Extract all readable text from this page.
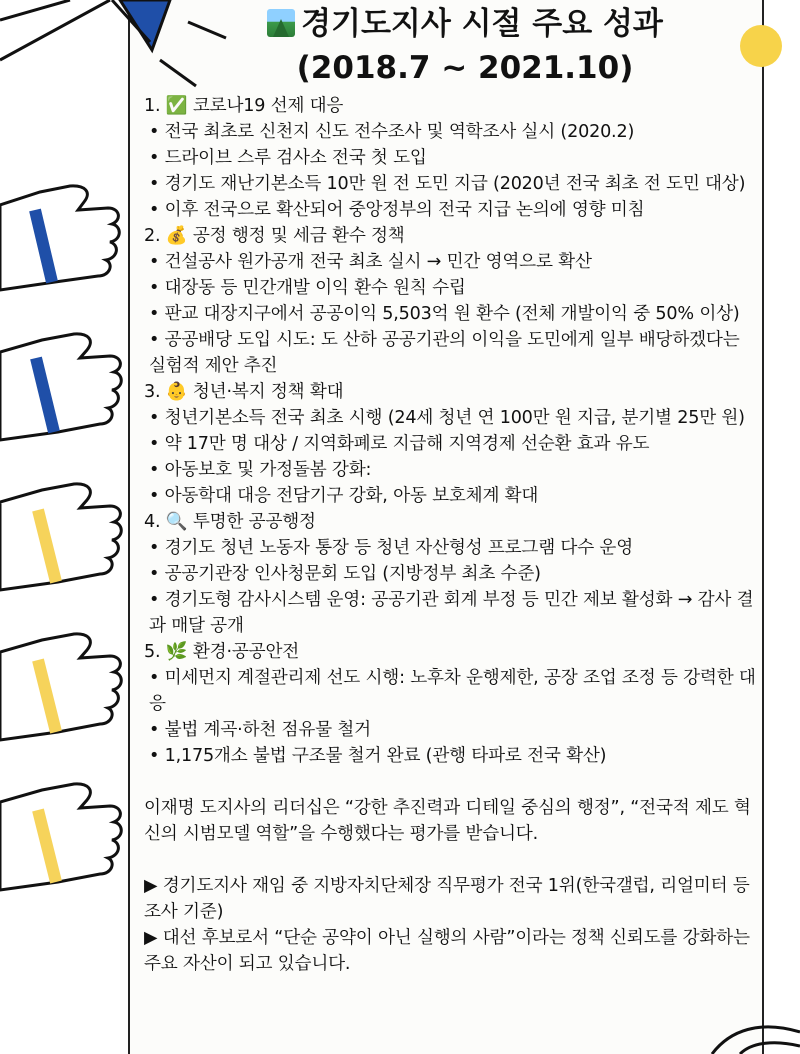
경기도지사 시절 주요 성과
(2018.7 ~ 2021.10)
1. ✅ 코로나19 선제 대응
• 전국 최초로 신천지 신도 전수조사 및 역학조사 실시 (2020.2)
• 드라이브 스루 검사소 전국 첫 도입
• 경기도 재난기본소득 10만 원 전 도민 지급 (2020년 전국 최초 전 도민 대상)
• 이후 전국으로 확산되어 중앙정부의 전국 지급 논의에 영향 미침
2. 💰 공정 행정 및 세금 환수 정책
• 건설공사 원가공개 전국 최초 실시 → 민간 영역으로 확산
• 대장동 등 민간개발 이익 환수 원칙 수립
• 판교 대장지구에서 공공이익 5,503억 원 환수 (전체 개발이익 중 50% 이상)
• 공공배당 도입 시도: 도 산하 공공기관의 이익을 도민에게 일부 배당하겠다는 실험적 제안 추진
3. 👶 청년·복지 정책 확대
• 청년기본소득 전국 최초 시행 (24세 청년 연 100만 원 지급, 분기별 25만 원)
• 약 17만 명 대상 / 지역화폐로 지급해 지역경제 선순환 효과 유도
• 아동보호 및 가정돌봄 강화:
• 아동학대 대응 전담기구 강화, 아동 보호체계 확대
4. 🔍 투명한 공공행정
• 경기도 청년 노동자 통장 등 청년 자산형성 프로그램 다수 운영
• 공공기관장 인사청문회 도입 (지방정부 최초 수준)
• 경기도형 감사시스템 운영: 공공기관 회계 부정 등 민간 제보 활성화 → 감사 결과 매달 공개
5. 🌿 환경·공공안전
• 미세먼지 계절관리제 선도 시행: 노후차 운행제한, 공장 조업 조정 등 강력한 대응
• 불법 계곡·하천 점유물 철거
• 1,175개소 불법 구조물 철거 완료 (관행 타파로 전국 확산)
이재명 도지사의 리더십은 “강한 추진력과 디테일 중심의 행정”, “전국적 제도 혁신의 시범모델 역할”을 수행했다는 평가를 받습니다.
▶ 경기도지사 재임 중 지방자치단체장 직무평가 전국 1위(한국갤럽, 리얼미터 등 조사 기준)
▶ 대선 후보로서 “단순 공약이 아닌 실행의 사람”이라는 정책 신뢰도를 강화하는 주요 자산이 되고 있습니다.
